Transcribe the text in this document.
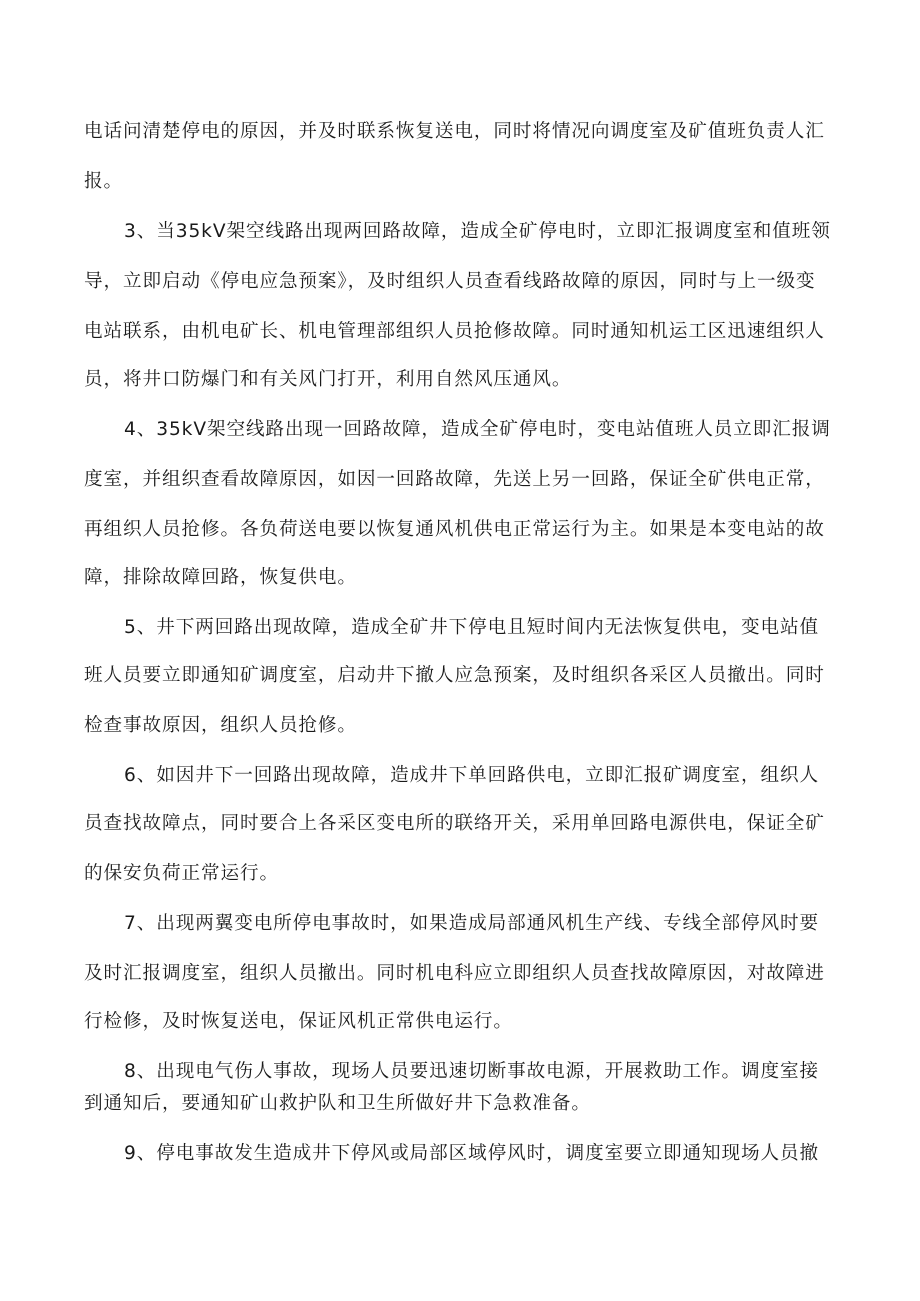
电话问清楚停电的原因，并及时联系恢复送电，同时将情况向调度室及矿值班负责人汇
报。
3、当35kV架空线路出现两回路故障，造成全矿停电时，立即汇报调度室和值班领
导，立即启动《停电应急预案》，及时组织人员查看线路故障的原因，同时与上一级变
电站联系，由机电矿长、机电管理部组织人员抢修故障。同时通知机运工区迅速组织人
员，将井口防爆门和有关风门打开，利用自然风压通风。
4、35kV架空线路出现一回路故障，造成全矿停电时，变电站值班人员立即汇报调
度室，并组织查看故障原因，如因一回路故障，先送上另一回路，保证全矿供电正常，
再组织人员抢修。各负荷送电要以恢复通风机供电正常运行为主。如果是本变电站的故
障，排除故障回路，恢复供电。
5、井下两回路出现故障，造成全矿井下停电且短时间内无法恢复供电，变电站值
班人员要立即通知矿调度室，启动井下撤人应急预案，及时组织各采区人员撤出。同时
检查事故原因，组织人员抢修。
6、如因井下一回路出现故障，造成井下单回路供电，立即汇报矿调度室，组织人
员查找故障点，同时要合上各采区变电所的联络开关，采用单回路电源供电，保证全矿
的保安负荷正常运行。
7、出现两翼变电所停电事故时，如果造成局部通风机生产线、专线全部停风时要
及时汇报调度室，组织人员撤出。同时机电科应立即组织人员查找故障原因，对故障进
行检修，及时恢复送电，保证风机正常供电运行。
8、出现电气伤人事故，现场人员要迅速切断事故电源，开展救助工作。调度室接
到通知后，要通知矿山救护队和卫生所做好井下急救准备。
9、停电事故发生造成井下停风或局部区域停风时，调度室要立即通知现场人员撤
